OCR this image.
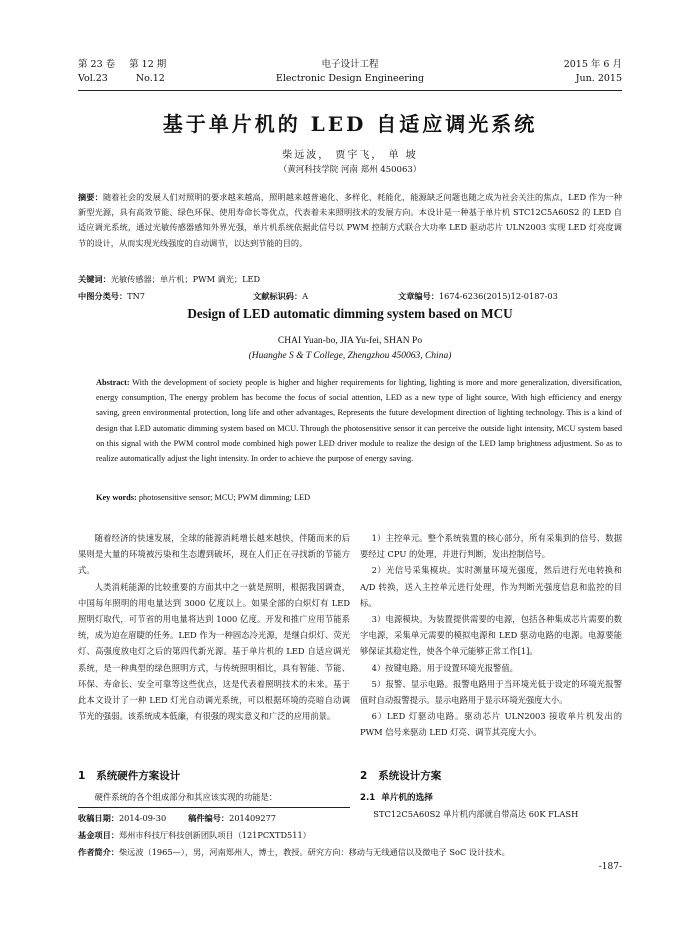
第 23 卷 第 12 期
Vol.23	No.12
电子设计工程
Electronic Design Engineering
2015 年 6 月
Jun. 2015
基于单片机的 LED 自适应调光系统
柴远波， 贾宇飞， 单 坡
（黄河科技学院 河南 郑州 450063）
摘要：随着社会的发展人们对照明的要求越来越高，照明越来越普遍化、多样化、耗能化，能源缺乏问题也随之成为社会关注的焦点，LED 作为一种新型光源，具有高效节能、绿色环保、使用寿命长等优点，代表着未来照明技术的发展方向。本设计是一种基于单片机 STC12C5A60S2 的 LED 自适应调光系统，通过光敏传感器感知外界光强，单片机系统依据此信号以 PWM 控制方式联合大功率 LED 驱动芯片 ULN2003 实现 LED 灯亮度调节的设计，从而实现光线强度的自动调节，以达到节能的目的。
关键词：光敏传感器；单片机；PWM 调光；LED
中图分类号：TN7	文献标识码：A	文章编号：1674-6236(2015)12-0187-03
Design of LED automatic dimming system based on MCU
CHAI Yuan-bo, JIA Yu-fei, SHAN Po
(Huanghe S & T College, Zhengzhou 450063, China)
Abstract: With the development of society people is higher and higher requirements for lighting, lighting is more and more generalization, diversification, energy consumption, The energy problem has become the focus of social attention, LED as a new type of light source, With high efficiency and energy saving, green environmental protection, long life and other advantages, Represents the future development direction of lighting technology. This is a kind of design that LED automatic dimming system based on MCU. Through the photosensitive sensor it can perceive the outside light intensity, MCU system based on this signal with the PWM control mode combined high power LED driver module to realize the design of the LED lamp brightness adjustment. So as to realize automatically adjust the light intensity. In order to achieve the purpose of energy saving.
Key words: photosensitive sensor; MCU; PWM dimming; LED

随着经济的快速发展，全球的能源消耗增长越来越快，伴随而来的后果则是大量的环境被污染和生态遭到破坏，现在人们正在寻找新的节能方式。

人类消耗能源的比较重要的方面其中之一就是照明，根据我国调查，中国每年照明的用电量达到 3000 亿度以上。如果全部的白炽灯有 LED 照明灯取代，可节省的用电量将达到 1000 亿度。开发和推广应用节能系统，成为迫在眉睫的任务。LED 作为一种固态冷光源，是继白炽灯、荧光灯、高强度放电灯之后的第四代新光源。基于单片机的 LED 自适应调光系统，是一种典型的绿色照明方式，与传统照明相比，具有智能、节能、环保、寿命长、安全可靠等这些优点，这是代表着照明技术的未来。基于此本文设计了一种 LED 灯光自动调光系统，可以根据环境的亮暗自动调节光的强弱。该系统成本低廉，有很强的现实意义和广泛的应用前景。

1）主控单元。整个系统装置的核心部分，所有采集到的信号、数据要经过 CPU 的处理，并进行判断，发出控制信号。

2）光信号采集模块。实时测量环境光强度，然后进行光电转换和 A/D 转换，送入主控单元进行处理，作为判断光强度信息和监控的目标。

3）电源模块。为装置提供需要的电源，包括各种集成芯片需要的数字电源，采集单元需要的模拟电源和 LED 驱动电路的电源。电源要能够保证其稳定性，使各个单元能够正常工作[1]。

4）按键电路。用于设置环境光报警值。

5）报警、显示电路。报警电路用于当环境光低于设定的环境光报警值时自动报警提示。显示电路用于显示环境光强度大小。

6）LED 灯驱动电路。驱动芯片 ULN2003 接收单片机发出的 PWM 信号来驱动 LED 灯亮、调节其亮度大小。

1 系统硬件方案设计
硬件系统的各个组成部分和其应该实现的功能是：
2 系统设计方案
2.1 单片机的选择
STC12C5A60S2 单片机内部就自带高达 60K FLASH
收稿日期：2014-09-30	稿件编号：201409277
基金项目：郑州市科技厅科技创新团队项目（121PCXTD511）
作者简介：柴远波（1965—），男，河南郑州人，博士，教授。研究方向：移动与无线通信以及微电子 SoC 设计技术。
-187-
